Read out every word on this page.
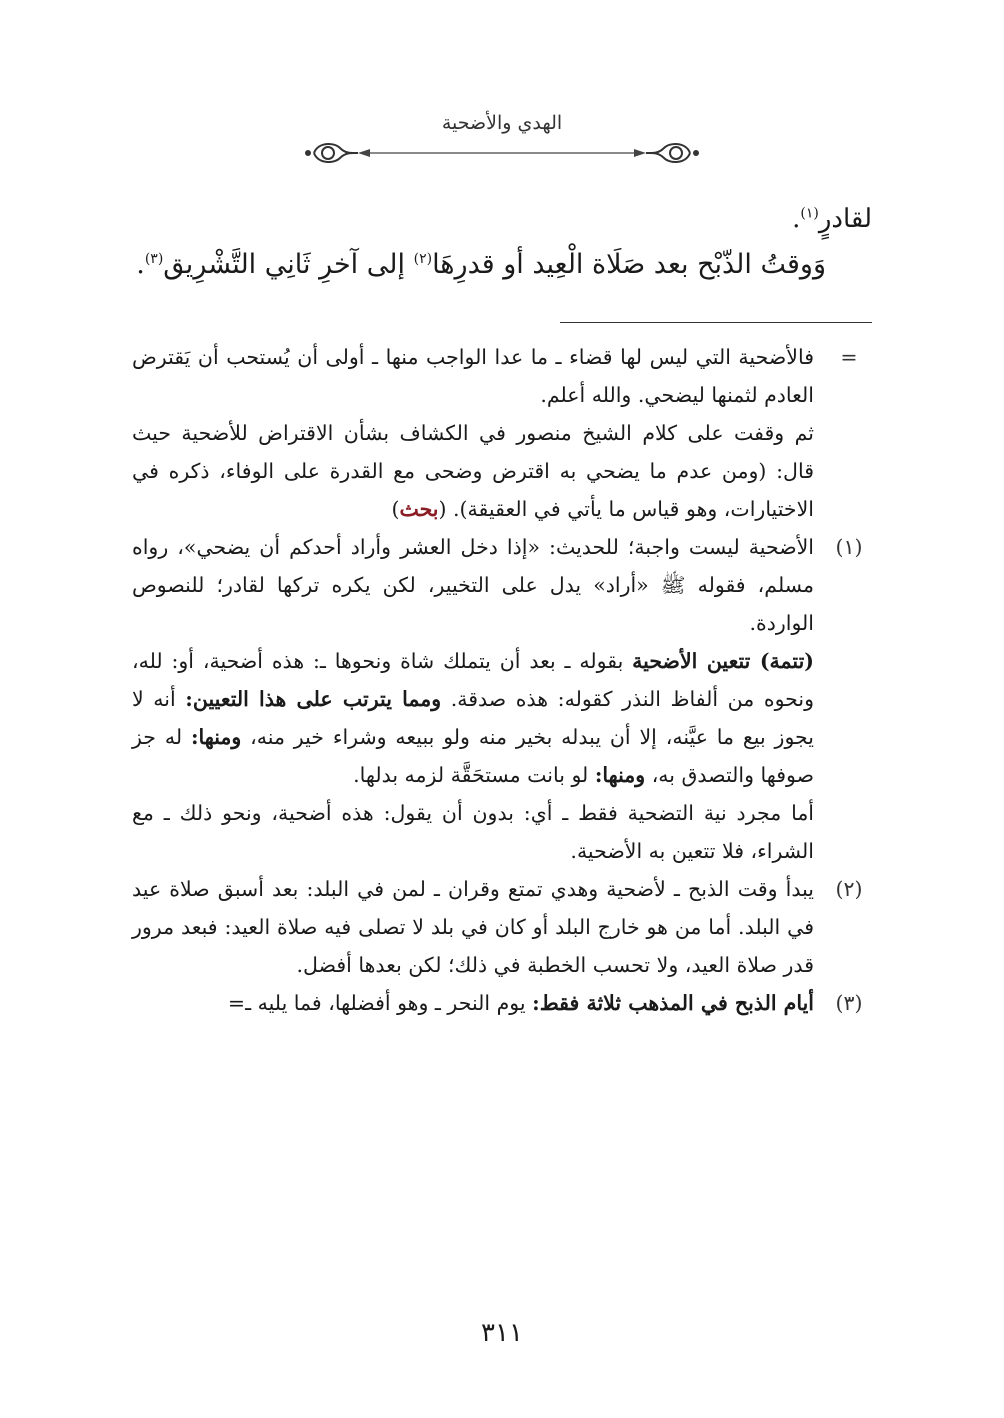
الهدي والأضحية
لقادرٍ$^{(١)}$.
وَوقتُ الذّبْح بعد صَلَاة الْعِيد أو قدرِهَا$^{(٢)}$ إلى آخرِ ثَانِي التَّشْرِيق$^{(٣)}$.
=

فالأضحية التي ليس لها قضاء ـ ما عدا الواجب منها ـ أولى أن يُستحب أن يَقترض العادم لثمنها ليضحي. والله أعلم.

ثم وقفت على كلام الشيخ منصور في الكشاف بشأن الاقتراض للأضحية حيث قال: (ومن عدم ما يضحي به اقترض وضحى مع القدرة على الوفاء، ذكره في الاختيارات، وهو قياس ما يأتي في العقيقة). (بحث)

(١)

الأضحية ليست واجبة؛ للحديث: «إذا دخل العشر وأراد أحدكم أن يضحي»، رواه مسلم، فقوله ﷺ «أراد» يدل على التخيير، لكن يكره تركها لقادر؛ للنصوص الواردة.

(تتمة) تتعين الأضحية بقوله ـ بعد أن يتملك شاة ونحوها ـ: هذه أضحية، أو: لله، ونحوه من ألفاظ النذر كقوله: هذه صدقة. ومما يترتب على هذا التعيين: أنه لا يجوز بيع ما عيَّنه، إلا أن يبدله بخير منه ولو ببيعه وشراء خير منه، ومنها: له جز صوفها والتصدق به، ومنها: لو بانت مستحَقَّة لزمه بدلها.

أما مجرد نية التضحية فقط ـ أي: بدون أن يقول: هذه أضحية، ونحو ذلك ـ مع الشراء، فلا تتعين به الأضحية.

(٢)

يبدأ وقت الذبح ـ لأضحية وهدي تمتع وقران ـ لمن في البلد: بعد أسبق صلاة عيد في البلد. أما من هو خارج البلد أو كان في بلد لا تصلى فيه صلاة العيد: فبعد مرور قدر صلاة العيد، ولا تحسب الخطبة في ذلك؛ لكن بعدها أفضل.

(٣)

أيام الذبح في المذهب ثلاثة فقط: يوم النحر ـ وهو أفضلها، فما يليه ـ=

٣١١
